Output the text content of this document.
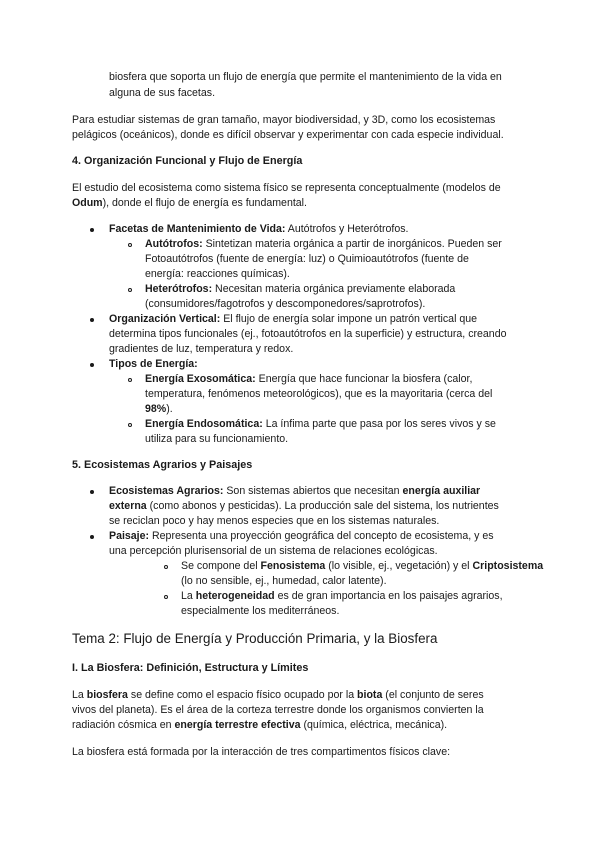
biosfera que soporta un flujo de energía que permite el mantenimiento de la vida en
alguna de sus facetas.
Para estudiar sistemas de gran tamaño, mayor biodiversidad, y 3D, como los ecosistemas
pelágicos (oceánicos), donde es difícil observar y experimentar con cada especie individual.
4. Organización Funcional y Flujo de Energía
El estudio del ecosistema como sistema físico se representa conceptualmente (modelos de
Odum), donde el flujo de energía es fundamental.
Facetas de Mantenimiento de Vida: Autótrofos y Heterótrofos.
Autótrofos: Sintetizan materia orgánica a partir de inorgánicos. Pueden ser
Fotoautótrofos (fuente de energía: luz) o Quimioautótrofos (fuente de
energía: reacciones químicas).
Heterótrofos: Necesitan materia orgánica previamente elaborada
(consumidores/fagotrofos y descomponedores/saprotrofos).
Organización Vertical: El flujo de energía solar impone un patrón vertical que
determina tipos funcionales (ej., fotoautótrofos en la superficie) y estructura, creando
gradientes de luz, temperatura y redox.
Tipos de Energía:
Energía Exosomática: Energía que hace funcionar la biosfera (calor,
temperatura, fenómenos meteorológicos), que es la mayoritaria (cerca del
98%).
Energía Endosomática: La ínfima parte que pasa por los seres vivos y se
utiliza para su funcionamiento.
5. Ecosistemas Agrarios y Paisajes
Ecosistemas Agrarios: Son sistemas abiertos que necesitan energía auxiliar
externa (como abonos y pesticidas). La producción sale del sistema, los nutrientes
se reciclan poco y hay menos especies que en los sistemas naturales.
Paisaje: Representa una proyección geográfica del concepto de ecosistema, y es
una percepción plurisensorial de un sistema de relaciones ecológicas.
Se compone del Fenosistema (lo visible, ej., vegetación) y el Criptosistema
(lo no sensible, ej., humedad, calor latente).
La heterogeneidad es de gran importancia en los paisajes agrarios,
especialmente los mediterráneos.
Tema 2: Flujo de Energía y Producción Primaria, y la Biosfera
I. La Biosfera: Definición, Estructura y Límites
La biosfera se define como el espacio físico ocupado por la biota (el conjunto de seres
vivos del planeta). Es el área de la corteza terrestre donde los organismos convierten la
radiación cósmica en energía terrestre efectiva (química, eléctrica, mecánica).
La biosfera está formada por la interacción de tres compartimentos físicos clave:
